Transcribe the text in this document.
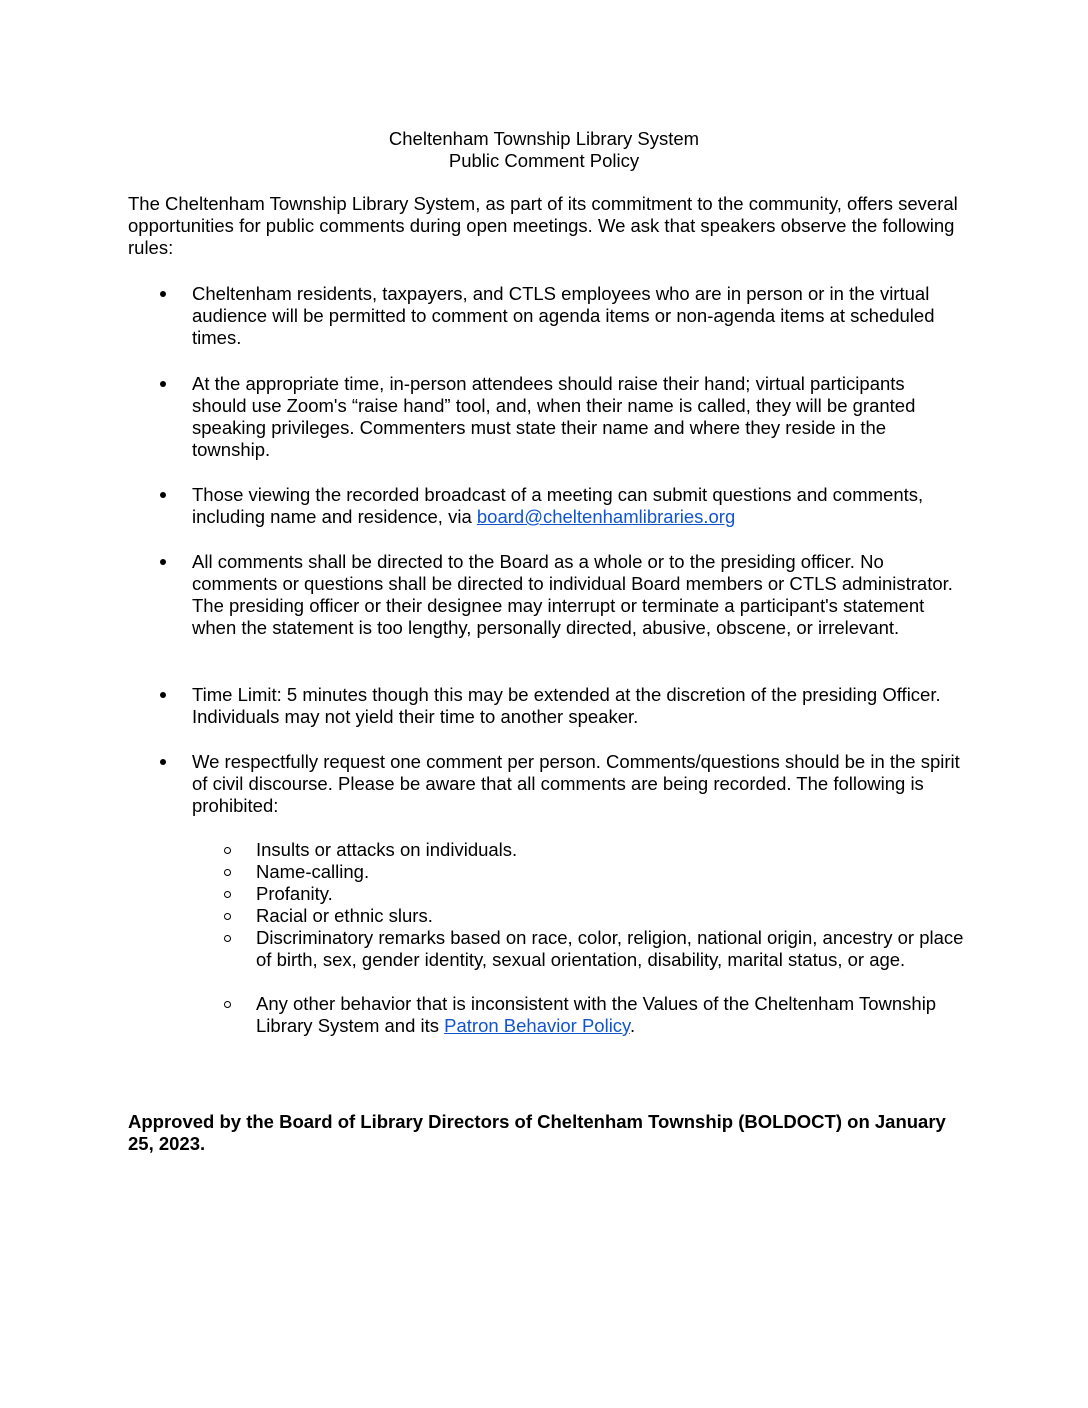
Cheltenham Township Library System
Public Comment Policy
The Cheltenham Township Library System, as part of its commitment to the community, offers several opportunities for public comments during open meetings. We ask that speakers observe the following rules:
Cheltenham residents, taxpayers, and CTLS employees who are in person or in the virtual audience will be permitted to comment on agenda items or non-agenda items at scheduled times.
At the appropriate time, in-person attendees should raise their hand; virtual participants should use Zoom's “raise hand” tool, and, when their name is called, they will be granted speaking privileges. Commenters must state their name and where they reside in the township.
Those viewing the recorded broadcast of a meeting can submit questions and comments, including name and residence, via board@cheltenhamlibraries.org
All comments shall be directed to the Board as a whole or to the presiding officer. No comments or questions shall be directed to individual Board members or CTLS administrator. The presiding officer or their designee may interrupt or terminate a participant's statement when the statement is too lengthy, personally directed, abusive, obscene, or irrelevant.
Time Limit: 5 minutes though this may be extended at the discretion of the presiding Officer. Individuals may not yield their time to another speaker.
We respectfully request one comment per person. Comments/questions should be in the spirit of civil discourse. Please be aware that all comments are being recorded. The following is prohibited:
Insults or attacks on individuals.
Name-calling.
Profanity.
Racial or ethnic slurs.
Discriminatory remarks based on race, color, religion, national origin, ancestry or place of birth, sex, gender identity, sexual orientation, disability, marital status, or age.
Any other behavior that is inconsistent with the Values of the Cheltenham Township Library System and its Patron Behavior Policy.
Approved by the Board of Library Directors of Cheltenham Township (BOLDOCT) on January 25, 2023.
